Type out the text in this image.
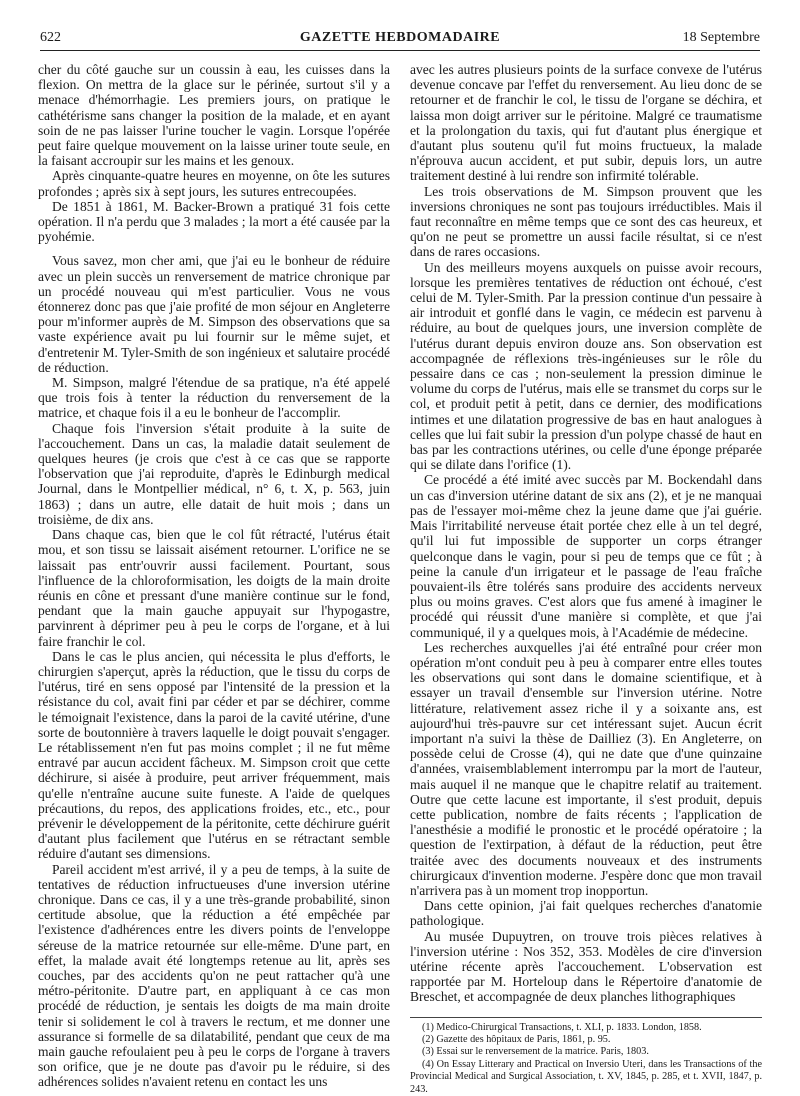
622	GAZETTE HEBDOMADAIRE	18 Septembre

cher du côté gauche sur un coussin à eau, les cuisses dans la flexion. On mettra de la glace sur le périnée, surtout s'il y a menace d'hémorrhagie. Les premiers jours, on pratique le cathétérisme sans changer la position de la malade, et en ayant soin de ne pas laisser l'urine toucher le vagin. Lorsque l'opérée peut faire quelque mouvement on la laisse uriner toute seule, en la faisant accroupir sur les mains et les genoux.

Après cinquante-quatre heures en moyenne, on ôte les sutures profondes ; après six à sept jours, les sutures entrecoupées.

De 1851 à 1861, M. Backer-Brown a pratiqué 31 fois cette opération. Il n'a perdu que 3 malades ; la mort a été causée par la pyohémie.

Vous savez, mon cher ami, que j'ai eu le bonheur de réduire avec un plein succès un renversement de matrice chronique par un procédé nouveau qui m'est particulier. Vous ne vous étonnerez donc pas que j'aie profité de mon séjour en Angleterre pour m'informer auprès de M. Simpson des observations que sa vaste expérience avait pu lui fournir sur le même sujet, et d'entretenir M. Tyler-Smith de son ingénieux et salutaire procédé de réduction.

M. Simpson, malgré l'étendue de sa pratique, n'a été appelé que trois fois à tenter la réduction du renversement de la matrice, et chaque fois il a eu le bonheur de l'accomplir.

Chaque fois l'inversion s'était produite à la suite de l'accouchement. Dans un cas, la maladie datait seulement de quelques heures (je crois que c'est à ce cas que se rapporte l'observation que j'ai reproduite, d'après le Edinburgh medical Journal, dans le Montpellier médical, n° 6, t. X, p. 563, juin 1863) ; dans un autre, elle datait de huit mois ; dans un troisième, de dix ans.

Dans chaque cas, bien que le col fût rétracté, l'utérus était mou, et son tissu se laissait aisément retourner. L'orifice ne se laissait pas entr'ouvrir aussi facilement. Pourtant, sous l'influence de la chloroformisation, les doigts de la main droite réunis en cône et pressant d'une manière continue sur le fond, pendant que la main gauche appuyait sur l'hypogastre, parvinrent à déprimer peu à peu le corps de l'organe, et à lui faire franchir le col.

Dans le cas le plus ancien, qui nécessita le plus d'efforts, le chirurgien s'aperçut, après la réduction, que le tissu du corps de l'utérus, tiré en sens opposé par l'intensité de la pression et la résistance du col, avait fini par céder et par se déchirer, comme le témoignait l'existence, dans la paroi de la cavité utérine, d'une sorte de boutonnière à travers laquelle le doigt pouvait s'engager. Le rétablissement n'en fut pas moins complet ; il ne fut même entravé par aucun accident fâcheux. M. Simpson croit que cette déchirure, si aisée à produire, peut arriver fréquemment, mais qu'elle n'entraîne aucune suite funeste. A l'aide de quelques précautions, du repos, des applications froides, etc., etc., pour prévenir le développement de la péritonite, cette déchirure guérit d'autant plus facilement que l'utérus en se rétractant semble réduire d'autant ses dimensions.

Pareil accident m'est arrivé, il y a peu de temps, à la suite de tentatives de réduction infructueuses d'une inversion utérine chronique. Dans ce cas, il y a une très-grande probabilité, sinon certitude absolue, que la réduction a été empêchée par l'existence d'adhérences entre les divers points de l'enveloppe séreuse de la matrice retournée sur elle-même. D'une part, en effet, la malade avait été longtemps retenue au lit, après ses couches, par des accidents qu'on ne peut rattacher qu'à une métro-péritonite. D'autre part, en appliquant à ce cas mon procédé de réduction, je sentais les doigts de ma main droite tenir si solidement le col à travers le rectum, et me donner une assurance si formelle de sa dilatabilité, pendant que ceux de ma main gauche refoulaient peu à peu le corps de l'organe à travers son orifice, que je ne doute pas d'avoir pu le réduire, si des adhérences solides n'avaient retenu en contact les uns

avec les autres plusieurs points de la surface convexe de l'utérus devenue concave par l'effet du renversement. Au lieu donc de se retourner et de franchir le col, le tissu de l'organe se déchira, et laissa mon doigt arriver sur le péritoine. Malgré ce traumatisme et la prolongation du taxis, qui fut d'autant plus énergique et d'autant plus soutenu qu'il fut moins fructueux, la malade n'éprouva aucun accident, et put subir, depuis lors, un autre traitement destiné à lui rendre son infirmité tolérable.

Les trois observations de M. Simpson prouvent que les inversions chroniques ne sont pas toujours irréductibles. Mais il faut reconnaître en même temps que ce sont des cas heureux, et qu'on ne peut se promettre un aussi facile résultat, si ce n'est dans de rares occasions.

Un des meilleurs moyens auxquels on puisse avoir recours, lorsque les premières tentatives de réduction ont échoué, c'est celui de M. Tyler-Smith. Par la pression continue d'un pessaire à air introduit et gonflé dans le vagin, ce médecin est parvenu à réduire, au bout de quelques jours, une inversion complète de l'utérus durant depuis environ douze ans. Son observation est accompagnée de réflexions très-ingénieuses sur le rôle du pessaire dans ce cas ; non-seulement la pression diminue le volume du corps de l'utérus, mais elle se transmet du corps sur le col, et produit petit à petit, dans ce dernier, des modifications intimes et une dilatation progressive de bas en haut analogues à celles que lui fait subir la pression d'un polype chassé de haut en bas par les contractions utérines, ou celle d'une éponge préparée qui se dilate dans l'orifice (1).

Ce procédé a été imité avec succès par M. Bockendahl dans un cas d'inversion utérine datant de six ans (2), et je ne manquai pas de l'essayer moi-même chez la jeune dame que j'ai guérie. Mais l'irritabilité nerveuse était portée chez elle à un tel degré, qu'il lui fut impossible de supporter un corps étranger quelconque dans le vagin, pour si peu de temps que ce fût ; à peine la canule d'un irrigateur et le passage de l'eau fraîche pouvaient-ils être tolérés sans produire des accidents nerveux plus ou moins graves. C'est alors que fus amené à imaginer le procédé qui réussit d'une manière si complète, et que j'ai communiqué, il y a quelques mois, à l'Académie de médecine.

Les recherches auxquelles j'ai été entraîné pour créer mon opération m'ont conduit peu à peu à comparer entre elles toutes les observations qui sont dans le domaine scientifique, et à essayer un travail d'ensemble sur l'inversion utérine. Notre littérature, relativement assez riche il y a soixante ans, est aujourd'hui très-pauvre sur cet intéressant sujet. Aucun écrit important n'a suivi la thèse de Dailliez (3). En Angleterre, on possède celui de Crosse (4), qui ne date que d'une quinzaine d'années, vraisemblablement interrompu par la mort de l'auteur, mais auquel il ne manque que le chapitre relatif au traitement. Outre que cette lacune est importante, il s'est produit, depuis cette publication, nombre de faits récents ; l'application de l'anesthésie a modifié le pronostic et le procédé opératoire ; la question de l'extirpation, à défaut de la réduction, peut être traitée avec des documents nouveaux et des instruments chirurgicaux d'invention moderne. J'espère donc que mon travail n'arrivera pas à un moment trop inopportun.

Dans cette opinion, j'ai fait quelques recherches d'anatomie pathologique.

Au musée Dupuytren, on trouve trois pièces relatives à l'inversion utérine : Nos 352, 353. Modèles de cire d'inversion utérine récente après l'accouchement. L'observation est rapportée par M. Horteloup dans le Répertoire d'anatomie de Breschet, et accompagnée de deux planches lithographiques

(1) Medico-Chirurgical Transactions, t. XLI, p. 1833. London, 1858.

(2) Gazette des hôpitaux de Paris, 1861, p. 95.

(3) Essai sur le renversement de la matrice. Paris, 1803.

(4) On Essay Litterary and Practical on Inversio Uteri, dans les Transactions of the Provincial Medical and Surgical Association, t. XV, 1845, p. 285, et t. XVII, 1847, p. 243.
